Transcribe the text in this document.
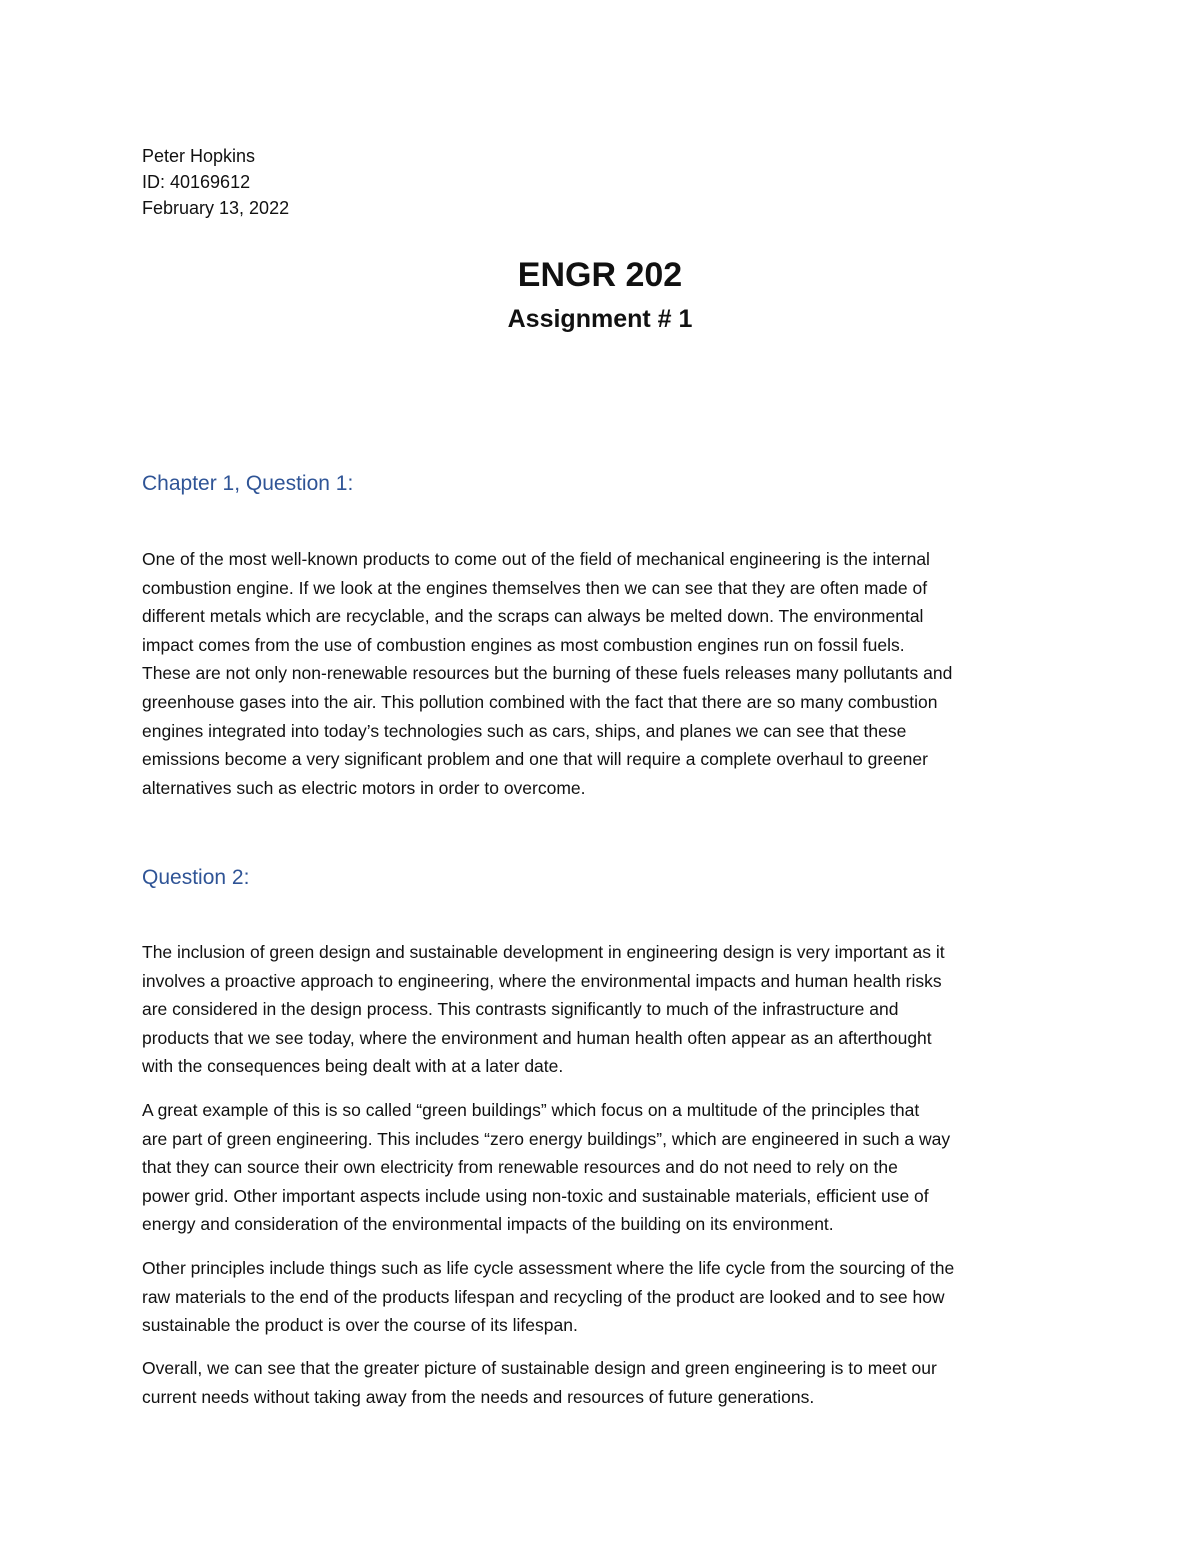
Peter Hopkins
ID: 40169612
February 13, 2022
ENGR 202
Assignment # 1
Chapter 1, Question 1:

One of the most well-known products to come out of the field of mechanical engineering is the internal
combustion engine. If we look at the engines themselves then we can see that they are often made of
different metals which are recyclable, and the scraps can always be melted down. The environmental
impact comes from the use of combustion engines as most combustion engines run on fossil fuels.
These are not only non-renewable resources but the burning of these fuels releases many pollutants and
greenhouse gases into the air. This pollution combined with the fact that there are so many combustion
engines integrated into today’s technologies such as cars, ships, and planes we can see that these
emissions become a very significant problem and one that will require a complete overhaul to greener
alternatives such as electric motors in order to overcome.

Question 2:

The inclusion of green design and sustainable development in engineering design is very important as it
involves a proactive approach to engineering, where the environmental impacts and human health risks
are considered in the design process. This contrasts significantly to much of the infrastructure and
products that we see today, where the environment and human health often appear as an afterthought
with the consequences being dealt with at a later date.

A great example of this is so called “green buildings” which focus on a multitude of the principles that
are part of green engineering. This includes “zero energy buildings”, which are engineered in such a way
that they can source their own electricity from renewable resources and do not need to rely on the
power grid. Other important aspects include using non-toxic and sustainable materials, efficient use of
energy and consideration of the environmental impacts of the building on its environment.

Other principles include things such as life cycle assessment where the life cycle from the sourcing of the
raw materials to the end of the products lifespan and recycling of the product are looked and to see how
sustainable the product is over the course of its lifespan.

Overall, we can see that the greater picture of sustainable design and green engineering is to meet our
current needs without taking away from the needs and resources of future generations.
